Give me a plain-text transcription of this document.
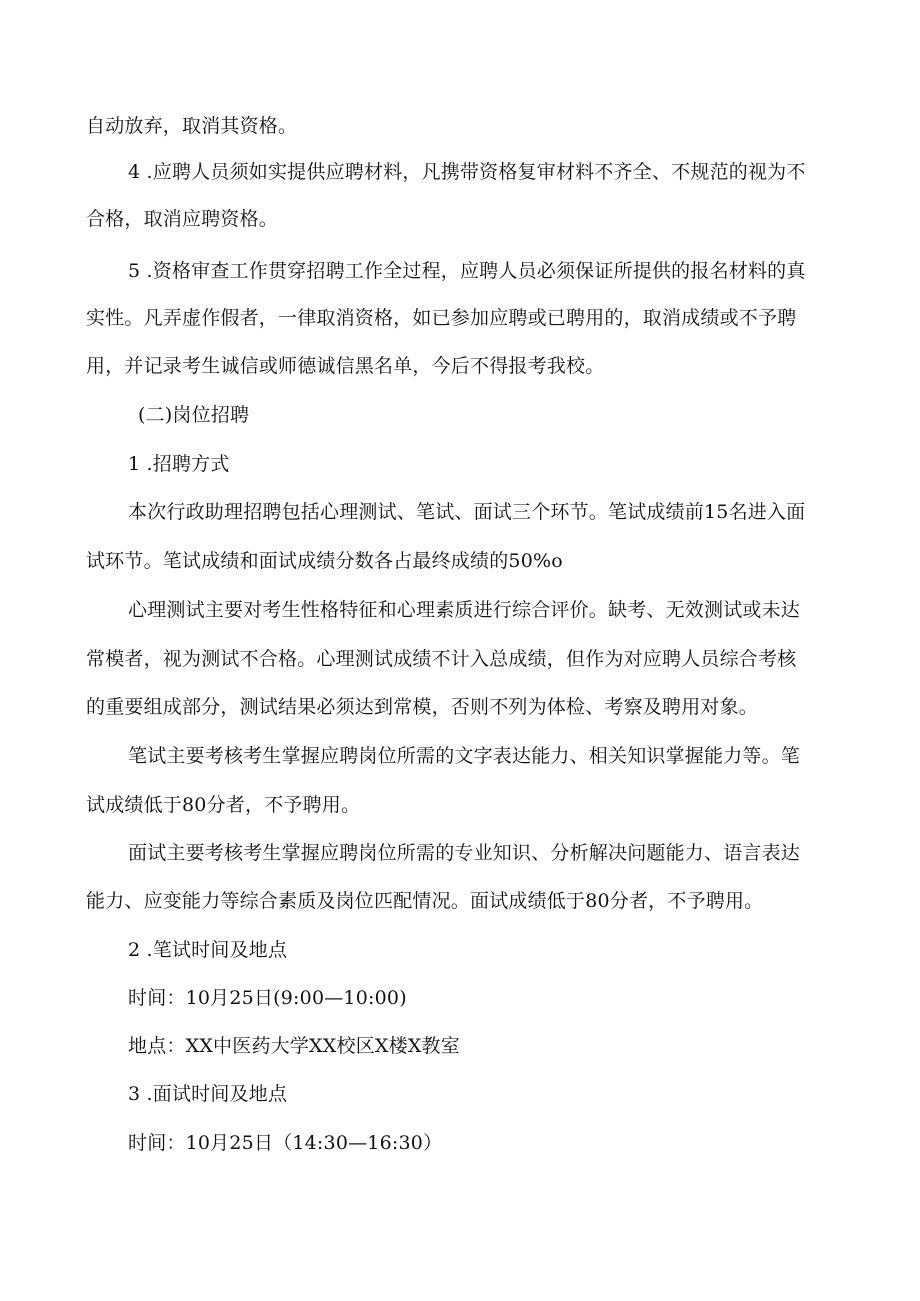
自动放弃，取消其资格。
4 .应聘人员须如实提供应聘材料，凡携带资格复审材料不齐全、不规范的视为不
合格，取消应聘资格。
5 .资格审查工作贯穿招聘工作全过程，应聘人员必须保证所提供的报名材料的真
实性。凡弄虚作假者，一律取消资格，如已参加应聘或已聘用的，取消成绩或不予聘
用，并记录考生诚信或师德诚信黑名单，今后不得报考我校。
(二)岗位招聘
1 .招聘方式
本次行政助理招聘包括心理测试、笔试、面试三个环节。笔试成绩前15名进入面
试环节。笔试成绩和面试成绩分数各占最终成绩的50%o
心理测试主要对考生性格特征和心理素质进行综合评价。缺考、无效测试或未达
常模者，视为测试不合格。心理测试成绩不计入总成绩，但作为对应聘人员综合考核
的重要组成部分，测试结果必须达到常模，否则不列为体检、考察及聘用对象。
笔试主要考核考生掌握应聘岗位所需的文字表达能力、相关知识掌握能力等。笔
试成绩低于80分者，不予聘用。
面试主要考核考生掌握应聘岗位所需的专业知识、分析解决问题能力、语言表达
能力、应变能力等综合素质及岗位匹配情况。面试成绩低于80分者，不予聘用。
2 .笔试时间及地点
时间：10月25日(9:00—10:00)
地点：XX中医药大学XX校区X楼X教室
3 .面试时间及地点
时间：10月25日（14:30—16:30）
